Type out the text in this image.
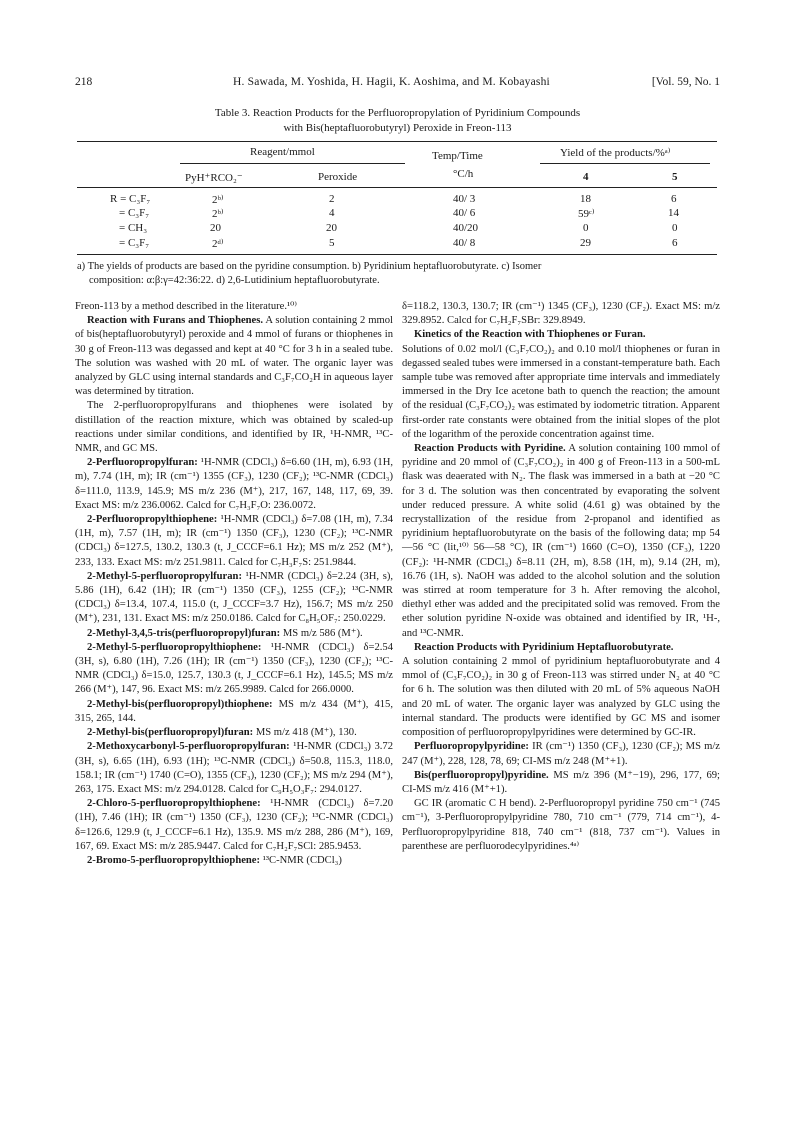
218	H. Sawada, M. Yoshida, H. Hagii, K. Aoshima, and M. Kobayashi	[Vol. 59, No. 1
Table 3. Reaction Products for the Perfluoropropylation of Pyridinium Compounds
with Bis(heptafluorobutyryl) Peroxide in Freon-113
Reagent/mmol	Temp/Time	Yield of the products/%ᵃ⁾
PyH⁺RCO₂⁻	Peroxide	°C/h	4	5
R = C₃F₇	2ᵇ⁾	2	40/ 3	18	6
= C₃F₇	2ᵇ⁾	4	40/ 6	59ᶜ⁾	14
= CH₃	20	20	40/20	0	0
= C₃F₇	2ᵈ⁾	5	40/ 8	29	6

a) The yields of products are based on the pyridine consumption. b) Pyridinium heptafluorobutyrate. c) Isomer

composition: α:β:γ=42:36:22. d) 2,6-Lutidinium heptafluorobutyrate.

Freon-113 by a method described in the literature.¹⁰⁾

Reaction with Furans and Thiophenes. A solution containing 2 mmol of bis(heptafluorobutyryl) peroxide and 4 mmol of furans or thiophenes in 30 g of Freon-113 was degassed and kept at 40 °C for 3 h in a sealed tube. The solution was washed with 20 mL of water. The organic layer was analyzed by GLC using internal standards and C₃F₇CO₂H in aqueous layer was determined by titration.

The 2-perfluoropropylfurans and thiophenes were isolated by distillation of the reaction mixture, which was obtained by scaled-up reactions under similar conditions, and identified by IR, ¹H-NMR, ¹³C-NMR, and GC MS.

2-Perfluoropropylfuran: ¹H-NMR (CDCl₃) δ=6.60 (1H, m), 6.93 (1H, m), 7.74 (1H, m); IR (cm⁻¹) 1355 (CF₃), 1230 (CF₂); ¹³C-NMR (CDCl₃) δ=111.0, 113.9, 145.9; MS m/z 236 (M⁺), 217, 167, 148, 117, 69, 39. Exact MS: m/z 236.0062. Calcd for C₇H₃F₇O: 236.0072.

2-Perfluoropropylthiophene: ¹H-NMR (CDCl₃) δ=7.08 (1H, m), 7.34 (1H, m), 7.57 (1H, m); IR (cm⁻¹) 1350 (CF₃), 1230 (CF₂); ¹³C-NMR (CDCl₃) δ=127.5, 130.2, 130.3 (t, J_CCCF=6.1 Hz); MS m/z 252 (M⁺), 233, 133. Exact MS: m/z 251.9811. Calcd for C₇H₃F₇S: 251.9844.

2-Methyl-5-perfluoropropylfuran: ¹H-NMR (CDCl₃) δ=2.24 (3H, s), 5.86 (1H), 6.42 (1H); IR (cm⁻¹) 1350 (CF₃), 1255 (CF₂); ¹³C-NMR (CDCl₃) δ=13.4, 107.4, 115.0 (t, J_CCCF=3.7 Hz), 156.7; MS m/z 250 (M⁺), 231, 131. Exact MS: m/z 250.0186. Calcd for C₈H₅OF₇: 250.0229.

2-Methyl-3,4,5-tris(perfluoropropyl)furan: MS m/z 586 (M⁺).

2-Methyl-5-perfluoropropylthiophene: ¹H-NMR (CDCl₃) δ=2.54 (3H, s), 6.80 (1H), 7.26 (1H); IR (cm⁻¹) 1350 (CF₃), 1230 (CF₂); ¹³C-NMR (CDCl₃) δ=15.0, 125.7, 130.3 (t, J_CCCF=6.1 Hz), 145.5; MS m/z 266 (M⁺), 147, 96. Exact MS: m/z 265.9989. Calcd for 266.0000.

2-Methyl-bis(perfluoropropyl)thiophene: MS m/z 434 (M⁺), 415, 315, 265, 144.

2-Methyl-bis(perfluoropropyl)furan: MS m/z 418 (M⁺), 130.

2-Methoxycarbonyl-5-perfluoropropylfuran: ¹H-NMR (CDCl₃) 3.72 (3H, s), 6.65 (1H), 6.93 (1H); ¹³C-NMR (CDCl₃) δ=50.8, 115.3, 118.0, 158.1; IR (cm⁻¹) 1740 (C=O), 1355 (CF₃), 1230 (CF₂); MS m/z 294 (M⁺), 263, 175. Exact MS: m/z 294.0128. Calcd for C₉H₅O₃F₇: 294.0127.

2-Chloro-5-perfluoropropylthiophene: ¹H-NMR (CDCl₃) δ=7.20 (1H), 7.46 (1H); IR (cm⁻¹) 1350 (CF₃), 1230 (CF₂); ¹³C-NMR (CDCl₃) δ=126.6, 129.9 (t, J_CCCF=6.1 Hz), 135.9. MS m/z 288, 286 (M⁺), 169, 167, 69. Exact MS: m/z 285.9447. Calcd for C₇H₂F₇SCl: 285.9453.

2-Bromo-5-perfluoropropylthiophene: ¹³C-NMR (CDCl₃)

δ=118.2, 130.3, 130.7; IR (cm⁻¹) 1345 (CF₃), 1230 (CF₂). Exact MS: m/z 329.8952. Calcd for C₇H₂F₇SBr: 329.8949.

Kinetics of the Reaction with Thiophenes or Furan.

Solutions of 0.02 mol/l (C₃F₇CO₂)₂ and 0.10 mol/l thiophenes or furan in degassed sealed tubes were immersed in a constant-temperature bath. Each sample tube was removed after appropriate time intervals and immediately immersed in the Dry Ice acetone bath to quench the reaction; the amount of the residual (C₃F₇CO₂)₂ was estimated by iodometric titration. Apparent first-order rate constants were obtained from the initial slopes of the plot of the logarithm of the peroxide concentration against time.

Reaction Products with Pyridine. A solution containing 100 mmol of pyridine and 20 mmol of (C₃F₇CO₂)₂ in 400 g of Freon-113 in a 500-mL flask was deaerated with N₂. The flask was immersed in a bath at −20 °C for 3 d. The solution was then concentrated by evaporating the solvent under reduced pressure. A white solid (4.61 g) was obtained by the recrystallization of the residue from 2-propanol and identified as pyridinium heptafluorobutyrate on the basis of the following data; mp 54—56 °C (lit,¹⁰⁾ 56—58 °C), IR (cm⁻¹) 1660 (C=O), 1350 (CF₃), 1220 (CF₂): ¹H-NMR (CDCl₃) δ=8.11 (2H, m), 8.58 (1H, m), 9.14 (2H, m), 16.76 (1H, s). NaOH was added to the alcohol solution and the solution was stirred at room temperature for 3 h. After removing the alcohol, diethyl ether was added and the precipitated solid was removed. From the ether solution pyridine N-oxide was obtained and identified by IR, ¹H-, and ¹³C-NMR.

Reaction Products with Pyridinium Heptafluorobutyrate.

A solution containing 2 mmol of pyridinium heptafluorobutyrate and 4 mmol of (C₃F₇CO₂)₂ in 30 g of Freon-113 was stirred under N₂ at 40 °C for 6 h. The solution was then diluted with 20 mL of 5% aqueous NaOH and 20 mL of water. The organic layer was analyzed by GLC using the internal standard. The products were identified by GC MS and isomer composition of perfluoropropylpyridines were determined by GC-IR.

Perfluoropropylpyridine: IR (cm⁻¹) 1350 (CF₃), 1230 (CF₂); MS m/z 247 (M⁺), 228, 128, 78, 69; CI-MS m/z 248 (M⁺+1).

Bis(perfluoropropyl)pyridine. MS m/z 396 (M⁺−19), 296, 177, 69; CI-MS m/z 416 (M⁺+1).

GC IR (aromatic C H bend). 2-Perfluoropropyl pyridine 750 cm⁻¹ (745 cm⁻¹), 3-Perfluoropropylpyridine 780, 710 cm⁻¹ (779, 714 cm⁻¹), 4-Perfluoropropylpyridine 818, 740 cm⁻¹ (818, 737 cm⁻¹). Values in parenthese are perfluorodecylpyridines.⁴ᵃ⁾
